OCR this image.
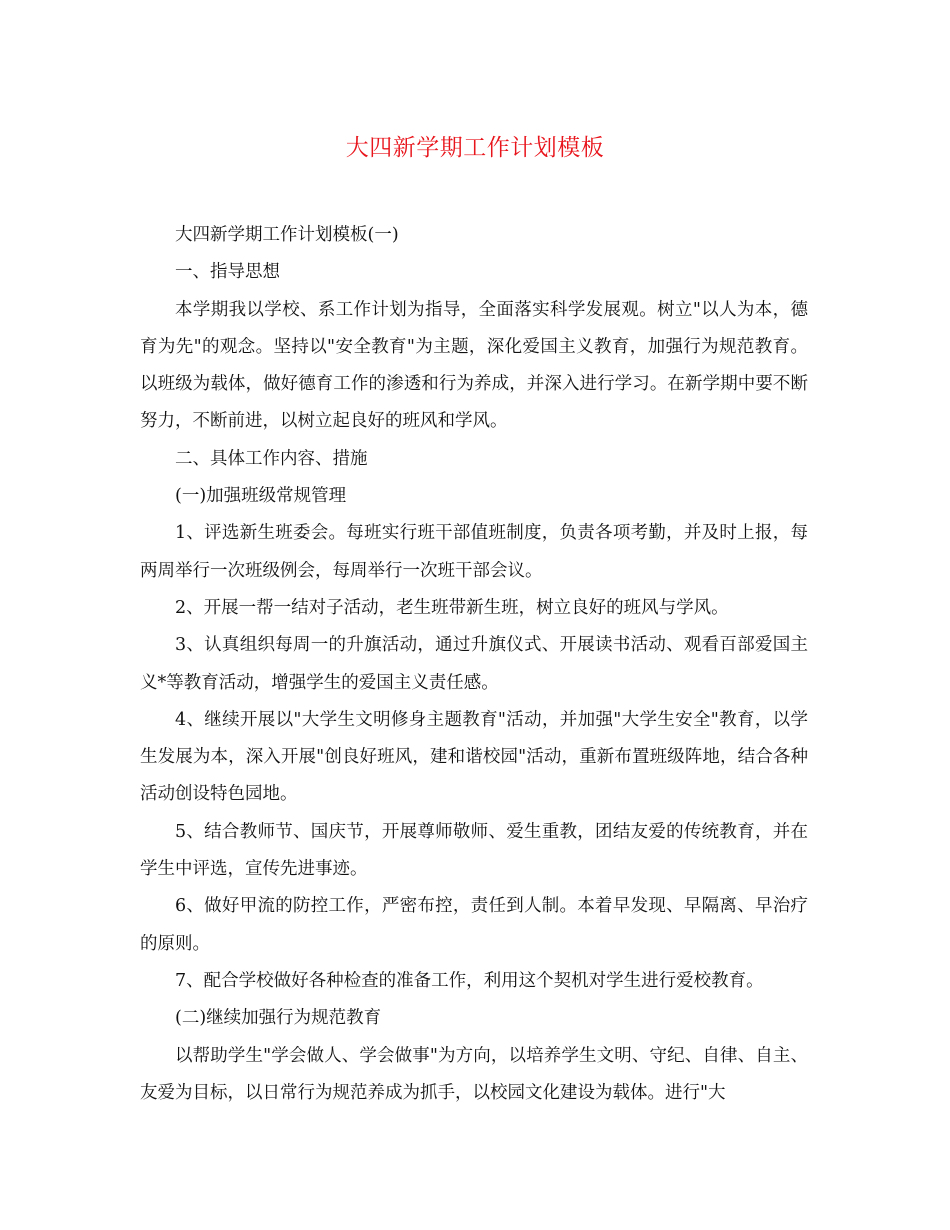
大四新学期工作计划模板

大四新学期工作计划模板(一)

一、指导思想

本学期我以学校、系工作计划为指导，全面落实科学发展观。树立"以人为本，德育为先"的观念。坚持以"安全教育"为主题，深化爱国主义教育，加强行为规范教育。以班级为载体，做好德育工作的渗透和行为养成，并深入进行学习。在新学期中要不断努力，不断前进，以树立起良好的班风和学风。

二、具体工作内容、措施

(一)加强班级常规管理

1、评选新生班委会。每班实行班干部值班制度，负责各项考勤，并及时上报，每两周举行一次班级例会，每周举行一次班干部会议。

2、开展一帮一结对子活动，老生班带新生班，树立良好的班风与学风。

3、认真组织每周一的升旗活动，通过升旗仪式、开展读书活动、观看百部爱国主义*等教育活动，增强学生的爱国主义责任感。

4、继续开展以"大学生文明修身主题教育"活动，并加强"大学生安全"教育，以学生发展为本，深入开展"创良好班风，建和谐校园"活动，重新布置班级阵地，结合各种活动创设特色园地。

5、结合教师节、国庆节，开展尊师敬师、爱生重教，团结友爱的传统教育，并在学生中评选，宣传先进事迹。

6、做好甲流的防控工作，严密布控，责任到人制。本着早发现、早隔离、早治疗的原则。

7、配合学校做好各种检查的准备工作，利用这个契机对学生进行爱校教育。

(二)继续加强行为规范教育

以帮助学生"学会做人、学会做事"为方向，以培养学生文明、守纪、自律、自主、友爱为目标，以日常行为规范养成为抓手，以校园文化建设为载体。进行"大
